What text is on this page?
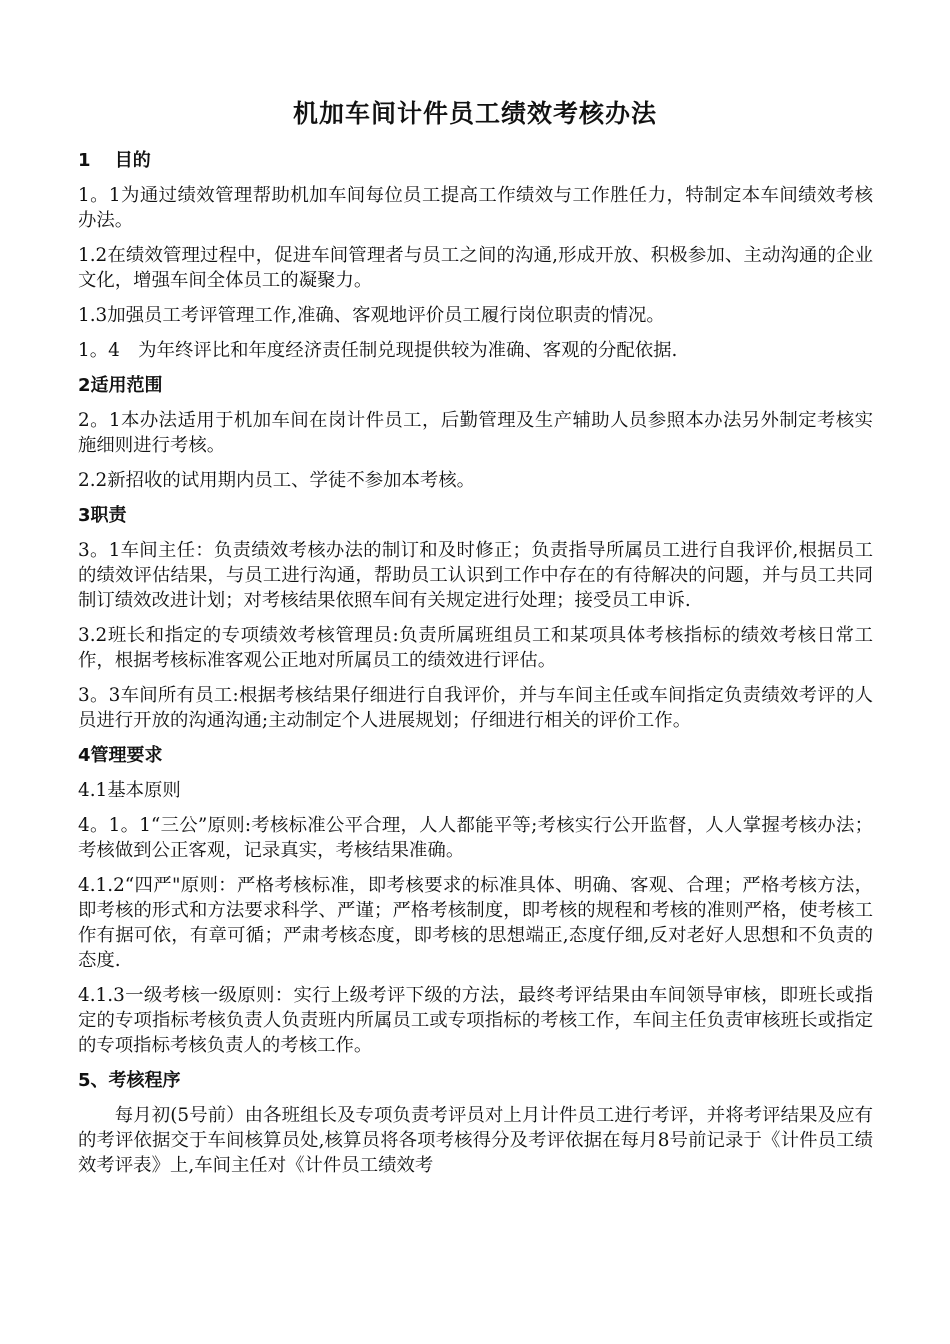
机加车间计件员工绩效考核办法
1　 目的
1。1为通过绩效管理帮助机加车间每位员工提高工作绩效与工作胜任力，特制定本车间绩效考核办法。
1.2在绩效管理过程中，促进车间管理者与员工之间的沟通,形成开放、积极参加、主动沟通的企业文化，增强车间全体员工的凝聚力。
1.3加强员工考评管理工作,准确、客观地评价员工履行岗位职责的情况。
1。4　为年终评比和年度经济责任制兑现提供较为准确、客观的分配依据.
2适用范围
2。1本办法适用于机加车间在岗计件员工，后勤管理及生产辅助人员参照本办法另外制定考核实施细则进行考核。
2.2新招收的试用期内员工、学徒不参加本考核。
3职责
3。1车间主任：负责绩效考核办法的制订和及时修正；负责指导所属员工进行自我评价,根据员工的绩效评估结果，与员工进行沟通，帮助员工认识到工作中存在的有待解决的问题，并与员工共同制订绩效改进计划；对考核结果依照车间有关规定进行处理；接受员工申诉.
3.2班长和指定的专项绩效考核管理员:负责所属班组员工和某项具体考核指标的绩效考核日常工作，根据考核标准客观公正地对所属员工的绩效进行评估。
3。3车间所有员工:根据考核结果仔细进行自我评价，并与车间主任或车间指定负责绩效考评的人员进行开放的沟通沟通;主动制定个人进展规划；仔细进行相关的评价工作。
4管理要求
4.1基本原则
4。1。1“三公”原则:考核标准公平合理，人人都能平等;考核实行公开监督，人人掌握考核办法；考核做到公正客观，记录真实，考核结果准确。
4.1.2“四严"原则：严格考核标准，即考核要求的标准具体、明确、客观、合理；严格考核方法，即考核的形式和方法要求科学、严谨；严格考核制度，即考核的规程和考核的准则严格，使考核工作有据可依，有章可循；严肃考核态度，即考核的思想端正,态度仔细,反对老好人思想和不负责的态度.
4.1.3一级考核一级原则：实行上级考评下级的方法，最终考评结果由车间领导审核，即班长或指定的专项指标考核负责人负责班内所属员工或专项指标的考核工作，车间主任负责审核班长或指定的专项指标考核负责人的考核工作。
5、考核程序
每月初(5号前）由各班组长及专项负责考评员对上月计件员工进行考评，并将考评结果及应有的考评依据交于车间核算员处,核算员将各项考核得分及考评依据在每月8号前记录于《计件员工绩效考评表》上,车间主任对《计件员工绩效考
